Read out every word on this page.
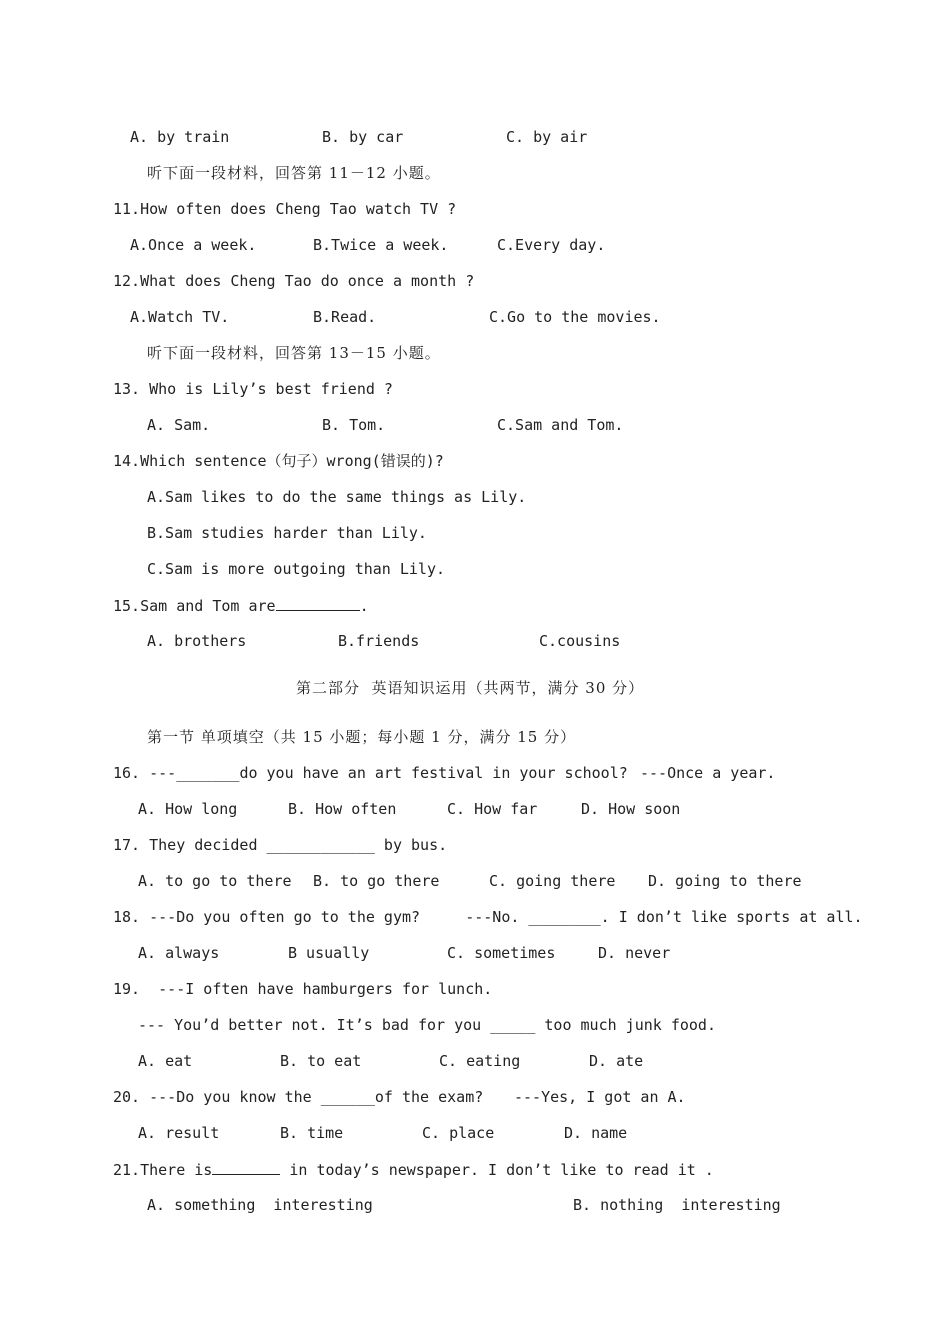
A. by train	B. by car	C. by air
听下面一段材料，回答第 11－12 小题。
11.How often does Cheng Tao watch TV ?
A.Once a week.	B.Twice a week.	C.Every day.
12.What does Cheng Tao do once a month ?
A.Watch TV.	B.Read.	C.Go to the movies.
听下面一段材料，回答第 13－15 小题。
13. Who is Lily’s best friend ?
A. Sam.	B. Tom.	C.Sam and Tom.
14.Which sentence（句子）wrong(错误的)?
A.Sam likes to do the same things as Lily.
B.Sam studies harder than Lily.
C.Sam is more outgoing than Lily.
15.Sam and Tom are	.
A. brothers	B.friends	C.cousins
第二部分  英语知识运用（共两节，满分 30 分）
第一节 单项填空（共 15 小题；每小题 1 分，满分 15 分）
16. ---_______do you have an art festival in your school? ---Once a year.
A. How long	B. How often	C. How far	D. How soon
17. They decided ____________ by bus.
A. to go to there B. to go there	C. going there D. going to there
18. ---Do you often go to the gym?     ---No. ________. I don’t like sports at all.
A. always	B usually	C. sometimes	D. never
19.  ---I often have hamburgers for lunch.
--- You’d better not. It’s bad for you _____ too much junk food.
A. eat	B. to eat	C. eating	D. ate
20. ---Do you know the ______of the exam? ---Yes, I got an A.
A. result	B. time	C. place	D. name
21.There is	in today’s newspaper. I don’t like to read it .
A. something  interesting	B. nothing  interesting
